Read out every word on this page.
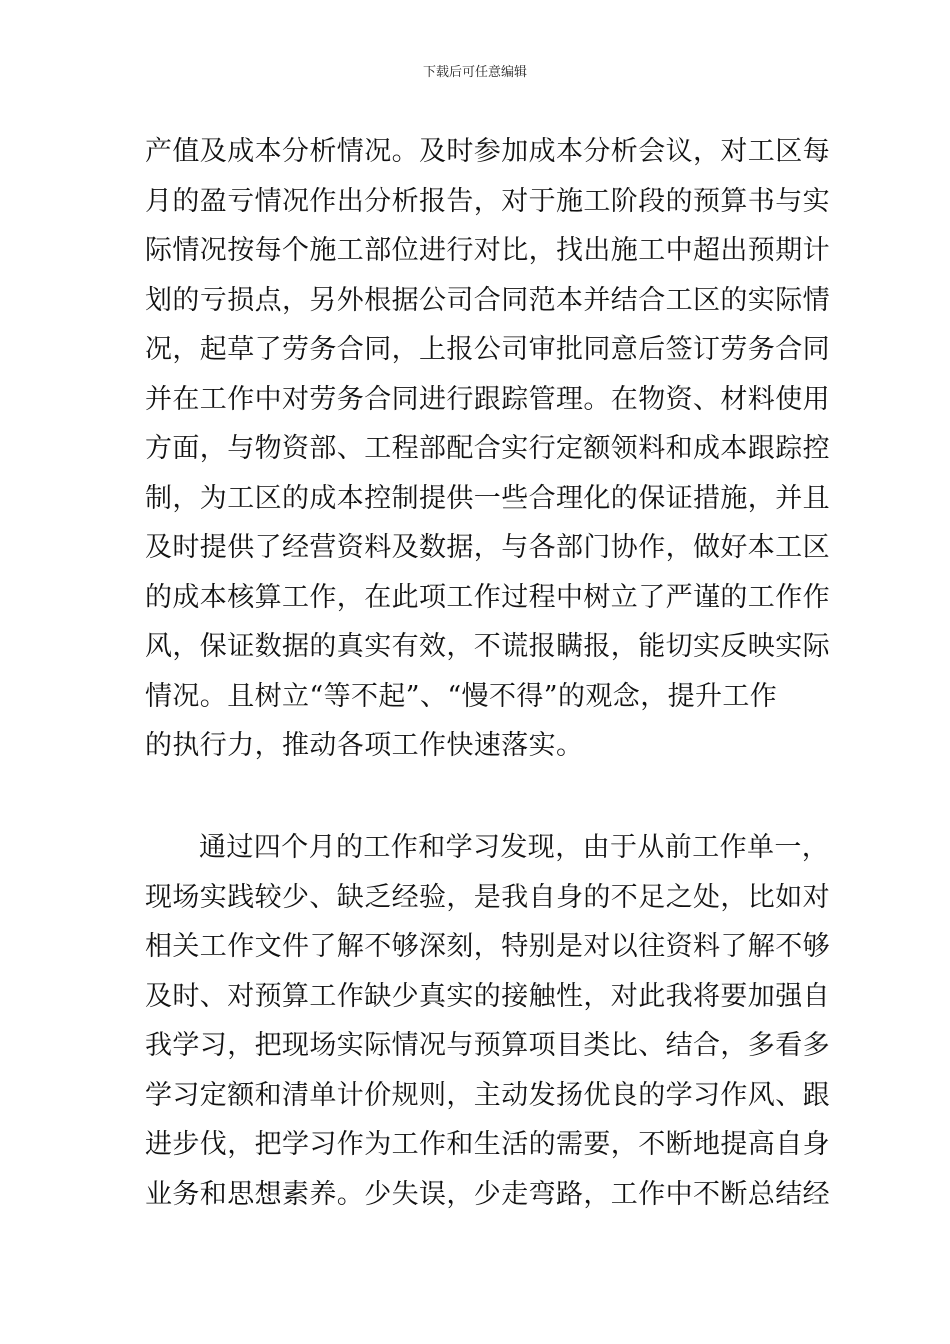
下载后可任意编辑
产值及成本分析情况。及时参加成本分析会议，对工区每
月的盈亏情况作出分析报告，对于施工阶段的预算书与实
际情况按每个施工部位进行对比，找出施工中超出预期计
划的亏损点，另外根据公司合同范本并结合工区的实际情
况，起草了劳务合同，上报公司审批同意后签订劳务合同
并在工作中对劳务合同进行跟踪管理。在物资、材料使用
方面，与物资部、工程部配合实行定额领料和成本跟踪控
制，为工区的成本控制提供一些合理化的保证措施，并且
及时提供了经营资料及数据，与各部门协作，做好本工区
的成本核算工作，在此项工作过程中树立了严谨的工作作
风，保证数据的真实有效，不谎报瞒报，能切实反映实际
情况。且树立“等不起”、“慢不得”的观念，提升工作
的执行力，推动各项工作快速落实。
通过四个月的工作和学习发现，由于从前工作单一，
现场实践较少、缺乏经验，是我自身的不足之处，比如对
相关工作文件了解不够深刻，特别是对以往资料了解不够
及时、对预算工作缺少真实的接触性，对此我将要加强自
我学习，把现场实际情况与预算项目类比、结合，多看多
学习定额和清单计价规则，主动发扬优良的学习作风、跟
进步伐，把学习作为工作和生活的需要，不断地提高自身
业务和思想素养。少失误，少走弯路，工作中不断总结经
